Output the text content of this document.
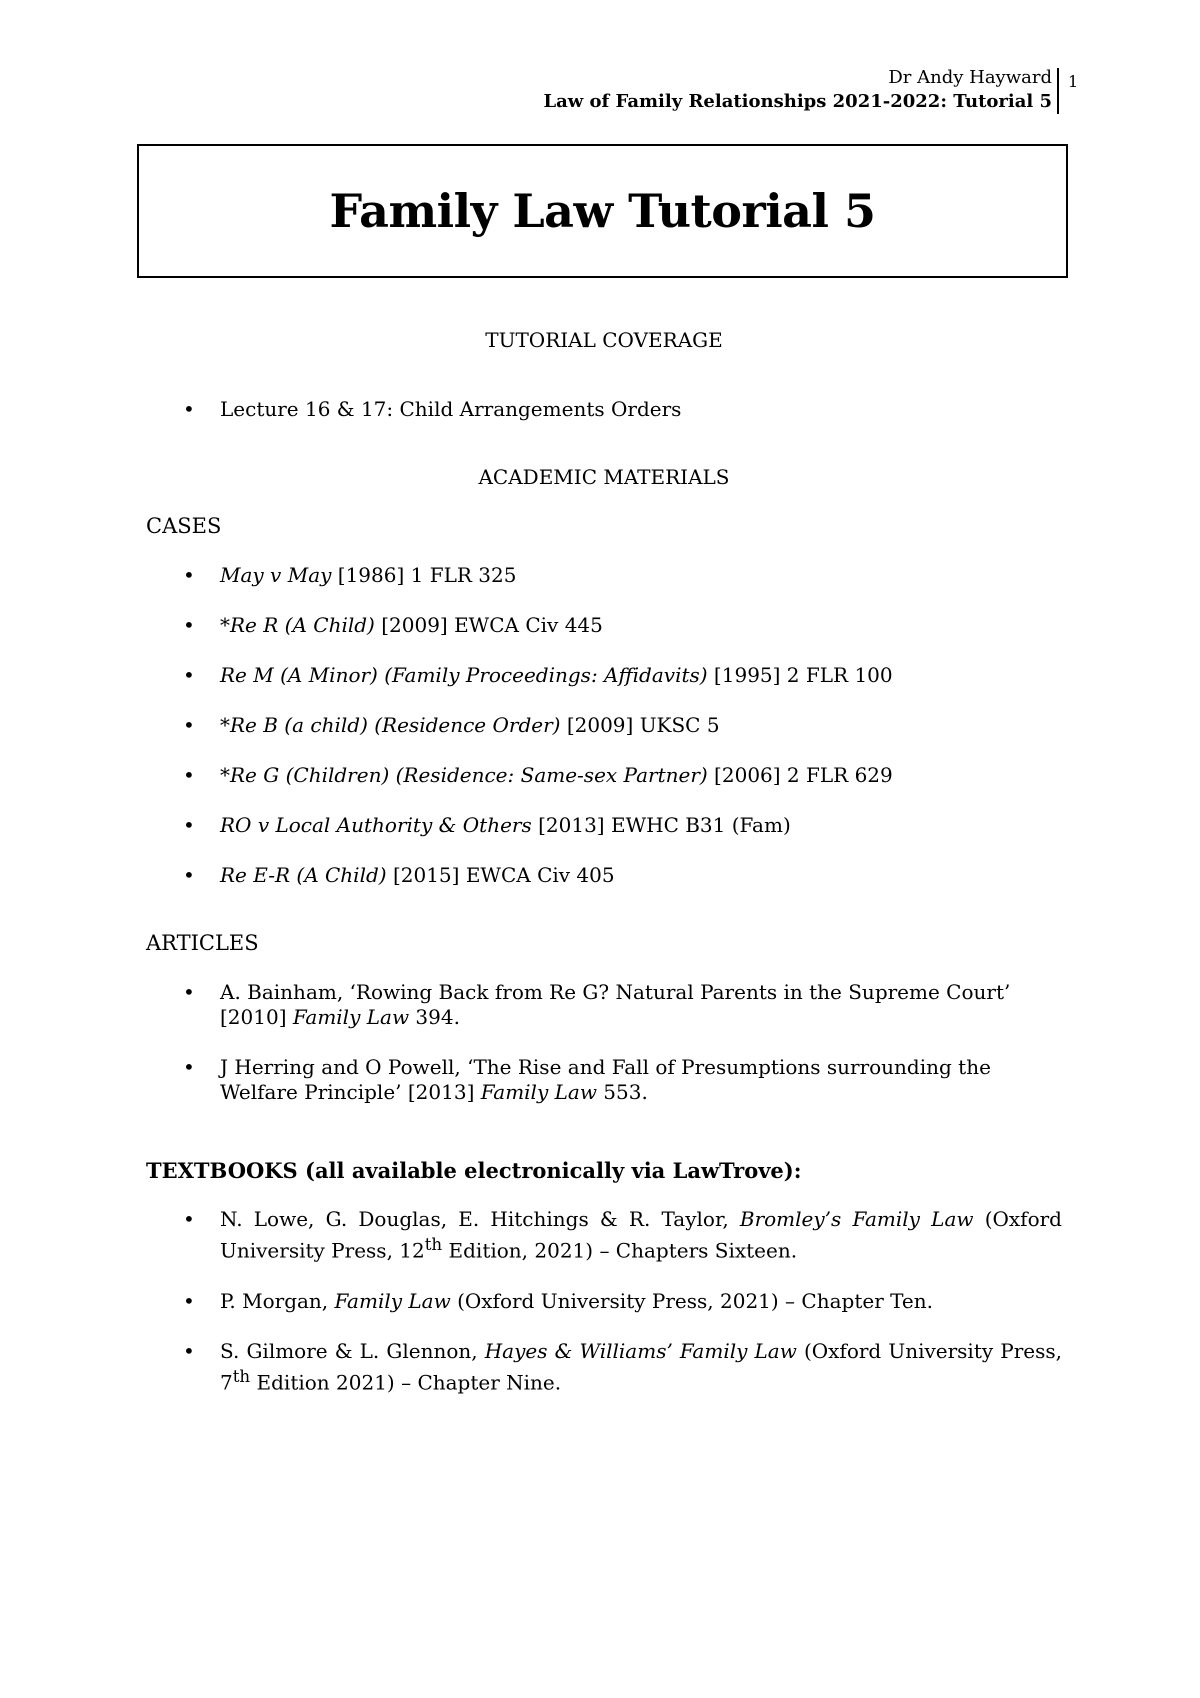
Dr Andy Hayward
Law of Family Relationships 2021-2022: Tutorial 5
1
Family Law Tutorial 5

TUTORIAL COVERAGE

• Lecture 16 & 17: Child Arrangements Orders

ACADEMIC MATERIALS

CASES

• May v May [1986] 1 FLR 325
• *Re R (A Child) [2009] EWCA Civ 445
• Re M (A Minor) (Family Proceedings: Affidavits) [1995] 2 FLR 100
• *Re B (a child) (Residence Order) [2009] UKSC 5
• *Re G (Children) (Residence: Same-sex Partner) [2006] 2 FLR 629
• RO v Local Authority & Others [2013] EWHC B31 (Fam)
• Re E-R (A Child) [2015] EWCA Civ 405

ARTICLES

• A. Bainham, ‘Rowing Back from Re G? Natural Parents in the Supreme Court’ [2010] Family Law 394.
• J Herring and O Powell, ‘The Rise and Fall of Presumptions surrounding the Welfare Principle’ [2013] Family Law 553.

TEXTBOOKS (all available electronically via LawTrove):

• N. Lowe, G. Douglas, E. Hitchings & R. Taylor, Bromley’s Family Law (Oxford University Press, 12th Edition, 2021) – Chapters Sixteen.
• P. Morgan, Family Law (Oxford University Press, 2021) – Chapter Ten.
• S. Gilmore & L. Glennon, Hayes & Williams’ Family Law (Oxford University Press, 7th Edition 2021) – Chapter Nine.
